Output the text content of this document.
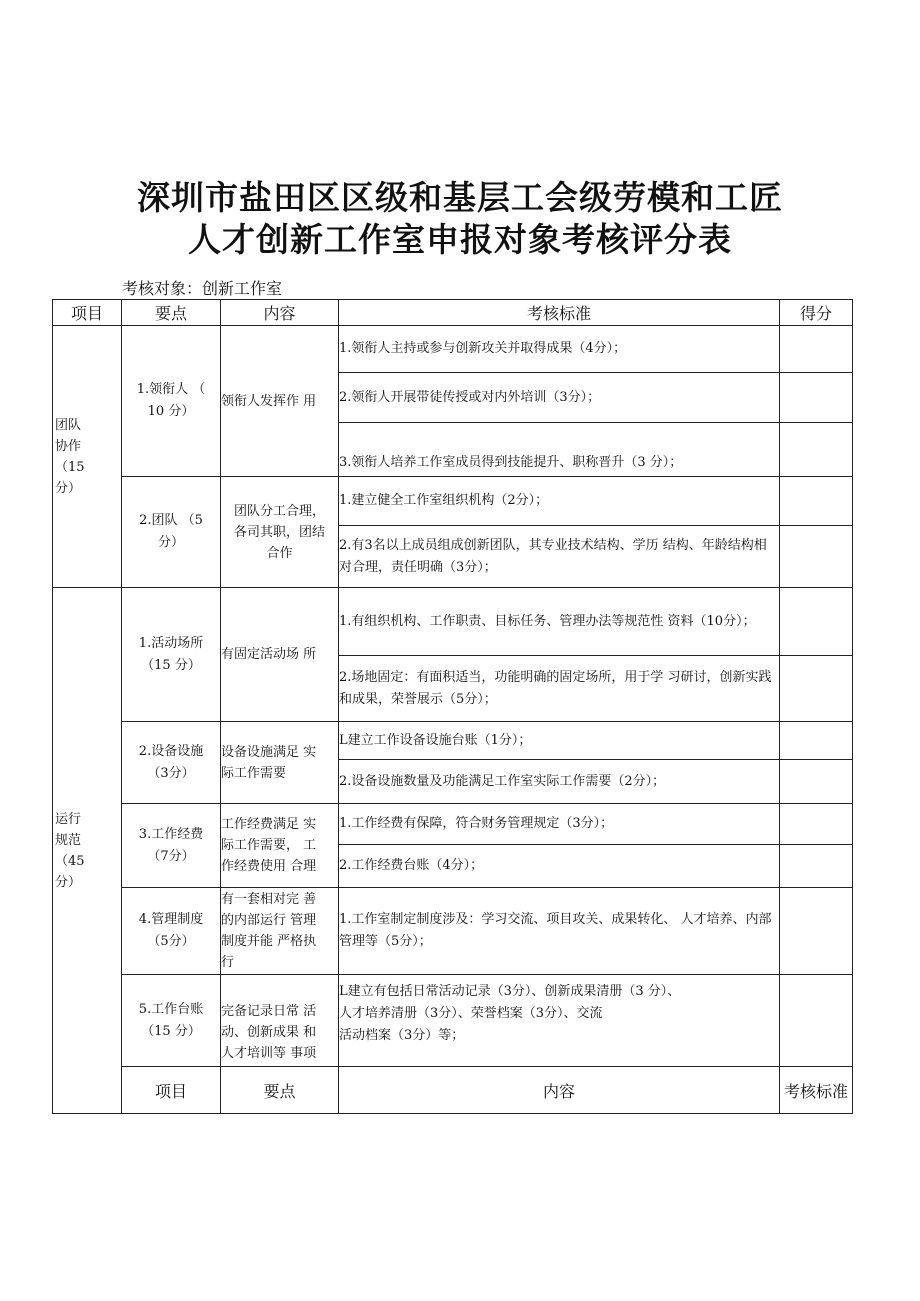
深圳市盐田区区级和基层工会级劳模和工匠
人才创新工作室申报对象考核评分表
考核对象：创新工作室
项目	要点	内容	考核标准	得分	

团队
协作
（15
分）	1.领衔人 （
10 分）	领衔人发挥作 用	1.领衔人主持或参与创新攻关并取得成果（4分）；		

			2.领衔人开展带徒传授或对内外培训（3分）；		

			3.领衔人培养工作室成员得到技能提升、职称晋升（3 分）；		

	2.团队 （5
分）	团队分工合理，
各司其职，团结
合作	1.建立健全工作室组织机构（2分）；		

			2.有3名以上成员组成创新团队，其专业技术结构、学历 结构、年龄结构相对合理，责任明确（3分）；		

运行
规范
（45
分）	1.活动场所
（15 分）	有固定活动场 所	1.有组织机构、工作职责、目标任务、管理办法等规范性 资料（10分）；		

			2.场地固定：有面积适当，功能明确的固定场所，用于学 习研讨，创新实践和成果，荣誉展示（5分）；		

	2.设备设施
（3分）	设备设施满足 实
际工作需要	L建立工作设备设施台账（1分）；		

			2.设备设施数量及功能满足工作室实际工作需要（2分）；		

	3.工作经费
（7分）	工作经费满足 实
际工作需要， 工
作经费使用 合理	1.工作经费有保障，符合财务管理规定（3分）；		

			2.工作经费台账（4分）；		

	4.管理制度
（5分）	有一套相对完 善
的内部运行 管理
制度并能 严格执
行	1.工作室制定制度涉及：学习交流、项目攻关、成果转化、 人才培养、内部管理等（5分）；		

	5.工作台账
（15 分）	完备记录日常 活
动、创新成果 和
人才培训等 事项	L建立有包括日常活动记录（3分）、创新成果清册（3 分）、
人才培养清册（3分）、荣誉档案（3分）、交流
活动档案（3分）等；		

	项目	要点	内容	考核标准	
